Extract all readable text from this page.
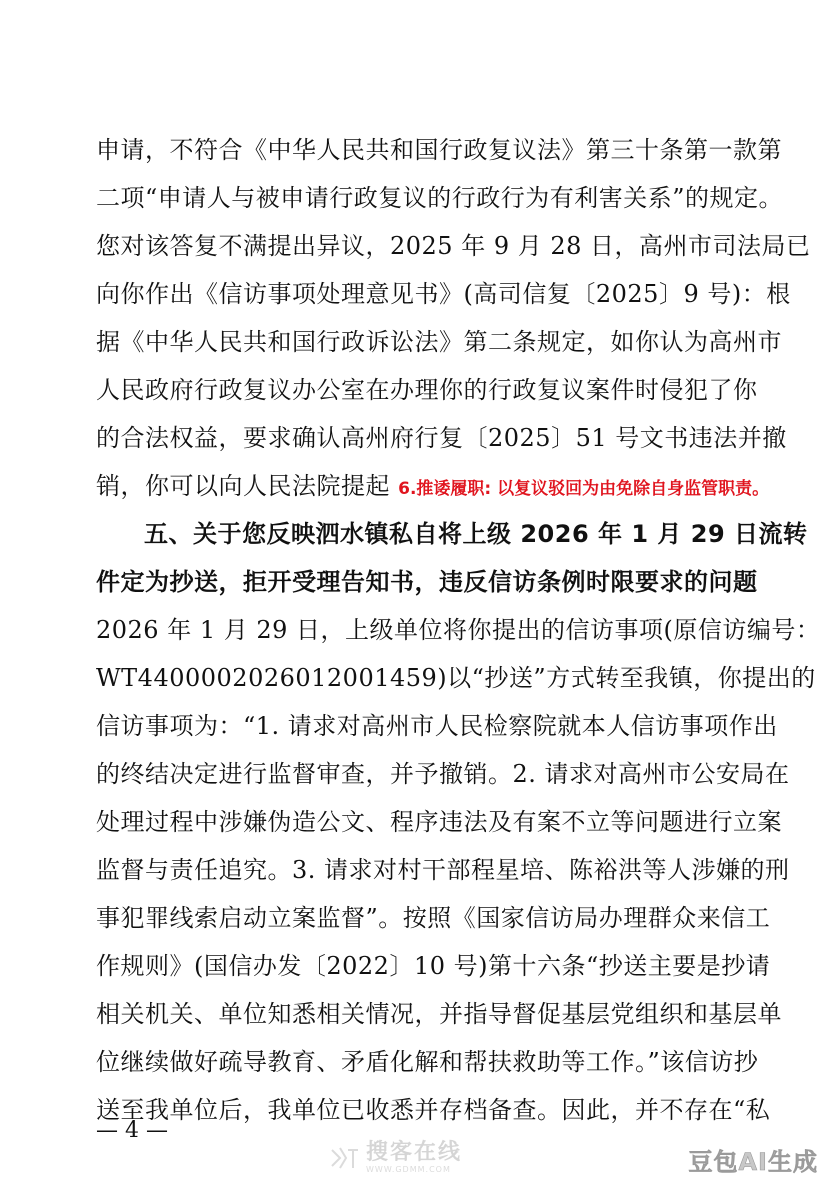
申请，不符合《中华人民共和国行政复议法》第三十条第一款第
二项“申请人与被申请行政复议的行政行为有利害关系”的规定。
您对该答复不满提出异议，2025 年 9 月 28 日，高州市司法局已
向你作出《信访事项处理意见书》(高司信复〔2025〕9 号)：根
据《中华人民共和国行政诉讼法》第二条规定，如你认为高州市
人民政府行政复议办公室在办理你的行政复议案件时侵犯了你
的合法权益，要求确认高州府行复〔2025〕51 号文书违法并撤
销，你可以向人民法院提起 6.推诿履职: 以复议驳回为由免除自身监管职责。
五、关于您反映泗水镇私自将上级 2026 年 1 月 29 日流转
件定为抄送，拒开受理告知书，违反信访条例时限要求的问题
2026 年 1 月 29 日，上级单位将你提出的信访事项(原信访编号：
WT4400002026012001459)以“抄送”方式转至我镇，你提出的
信访事项为：“1. 请求对高州市人民检察院就本人信访事项作出
的终结决定进行监督审查，并予撤销。2. 请求对高州市公安局在
处理过程中涉嫌伪造公文、程序违法及有案不立等问题进行立案
监督与责任追究。3. 请求对村干部程星培、陈裕洪等人涉嫌的刑
事犯罪线索启动立案监督”。按照《国家信访局办理群众来信工
作规则》(国信办发〔2022〕10 号)第十六条“抄送主要是抄请
相关机关、单位知悉相关情况，并指导督促基层党组织和基层单
位继续做好疏导教育、矛盾化解和帮扶救助等工作。”该信访抄
送至我单位后，我单位已收悉并存档备查。因此，并不存在“私
— 4 —
搜客在线
WWW.GDMM.COM	豆包AI生成
